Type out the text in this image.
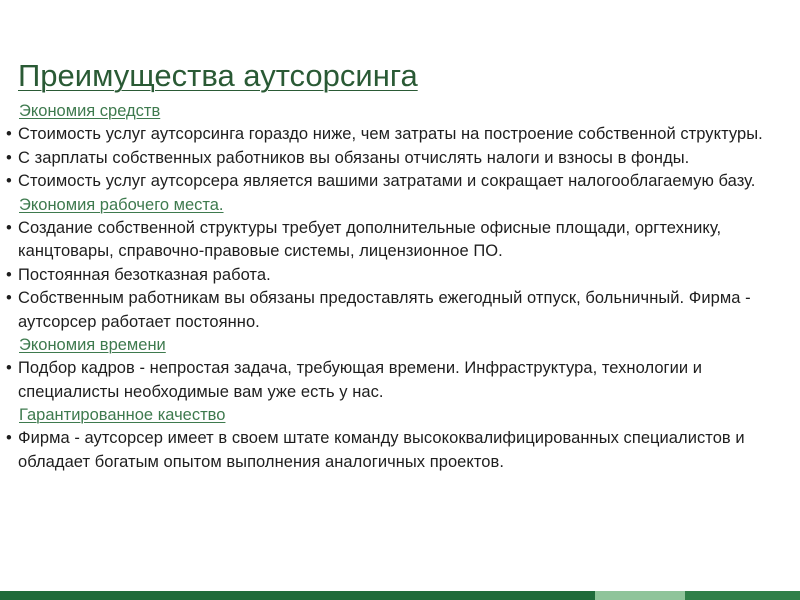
Преимущества аутсорсинга

Экономия средств

• Стоимость услуг аутсорсинга гораздо ниже, чем затраты на построение собственной структуры.

• С зарплаты собственных работников вы обязаны отчислять налоги и взносы в фонды.

• Стоимость услуг аутсорсера является вашими затратами и сокращает налогооблагаемую базу.

Экономия рабочего места.

• Создание собственной структуры требует дополнительные офисные площади, оргтехнику, канцтовары, справочно-правовые системы, лицензионное ПО.

• Постоянная безотказная работа.

• Собственным работникам вы обязаны предоставлять ежегодный отпуск, больничный. Фирма - аутсорсер работает постоянно.

Экономия времени

• Подбор кадров - непростая задача, требующая времени. Инфраструктура, технологии и специалисты необходимые вам уже есть у нас.

Гарантированное качество

• Фирма - аутсорсер имеет в своем штате команду высококвалифицированных специалистов и обладает богатым опытом выполнения аналогичных проектов.
